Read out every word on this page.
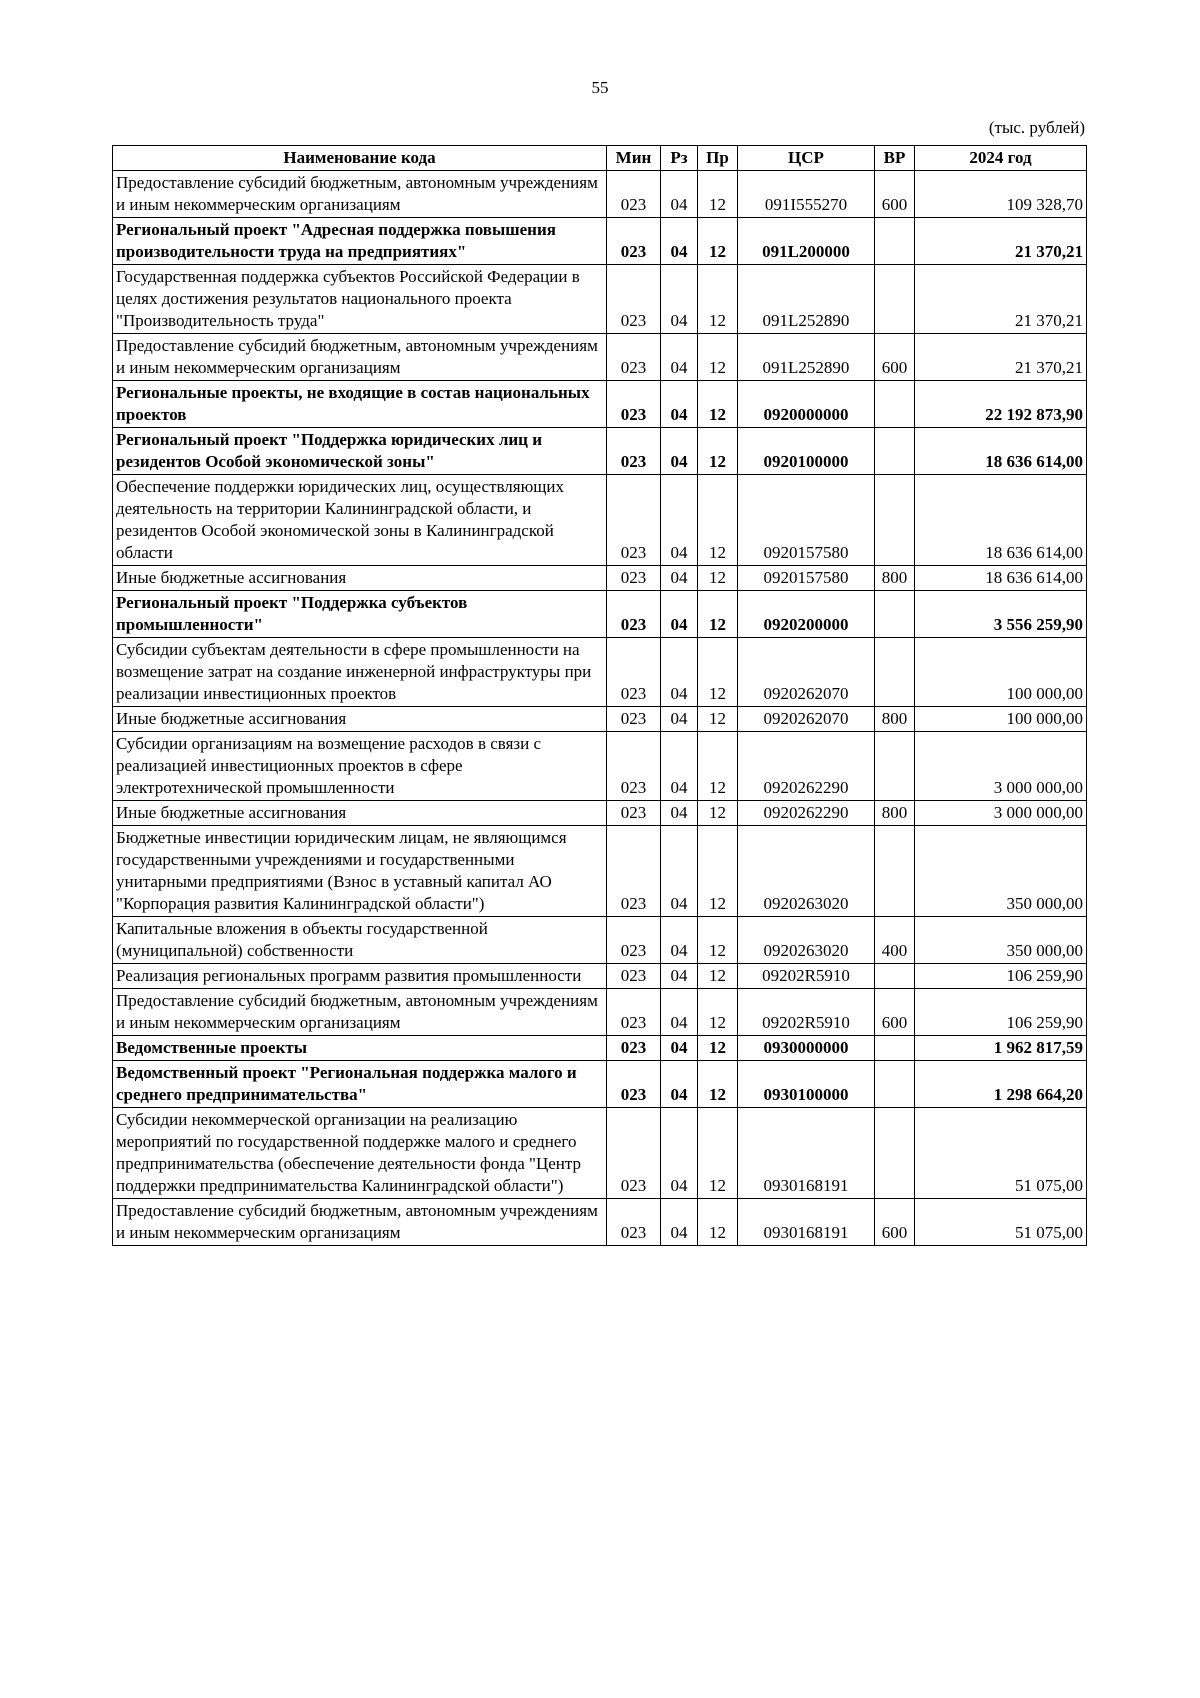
55
(тыс. рублей)
Наименование кода	Мин	Рз	Пр	ЦСР	ВР	2024 год
Предоставление субсидий бюджетным, автономным учреждениям и иным некоммерческим организациям	023	04	12	091I555270	600	109 328,70
Региональный проект "Адресная поддержка повышения производительности труда на предприятиях"	023	04	12	091L200000		21 370,21
Государственная поддержка субъектов Российской Федерации в целях достижения результатов национального проекта "Производительность труда"	023	04	12	091L252890		21 370,21
Предоставление субсидий бюджетным, автономным учреждениям и иным некоммерческим организациям	023	04	12	091L252890	600	21 370,21
Региональные проекты, не входящие в состав национальных проектов	023	04	12	0920000000		22 192 873,90
Региональный проект "Поддержка юридических лиц и резидентов Особой экономической зоны"	023	04	12	0920100000		18 636 614,00
Обеспечение поддержки юридических лиц, осуществляющих деятельность на территории Калининградской области, и резидентов Особой экономической зоны в Калининградской области	023	04	12	0920157580		18 636 614,00
Иные бюджетные ассигнования	023	04	12	0920157580	800	18 636 614,00
Региональный проект "Поддержка субъектов промышленности"	023	04	12	0920200000		3 556 259,90
Субсидии субъектам деятельности в сфере промышленности на возмещение затрат на создание инженерной инфраструктуры при реализации инвестиционных проектов	023	04	12	0920262070		100 000,00
Иные бюджетные ассигнования	023	04	12	0920262070	800	100 000,00
Субсидии организациям на возмещение расходов в связи с реализацией инвестиционных проектов в сфере электротехнической промышленности	023	04	12	0920262290		3 000 000,00
Иные бюджетные ассигнования	023	04	12	0920262290	800	3 000 000,00
Бюджетные инвестиции юридическим лицам, не являющимся государственными учреждениями и государственными унитарными предприятиями (Взнос в уставный капитал АО "Корпорация развития Калининградской области")	023	04	12	0920263020		350 000,00
Капитальные вложения в объекты государственной (муниципальной) собственности	023	04	12	0920263020	400	350 000,00
Реализация региональных программ развития промышленности	023	04	12	09202R5910		106 259,90
Предоставление субсидий бюджетным, автономным учреждениям и иным некоммерческим организациям	023	04	12	09202R5910	600	106 259,90
Ведомственные проекты	023	04	12	0930000000		1 962 817,59
Ведомственный проект "Региональная поддержка малого и среднего предпринимательства"	023	04	12	0930100000		1 298 664,20
Субсидии некоммерческой организации на реализацию мероприятий по государственной поддержке малого и среднего предпринимательства (обеспечение деятельности фонда "Центр поддержки предпринимательства Калининградской области")	023	04	12	0930168191		51 075,00
Предоставление субсидий бюджетным, автономным учреждениям и иным некоммерческим организациям	023	04	12	0930168191	600	51 075,00
